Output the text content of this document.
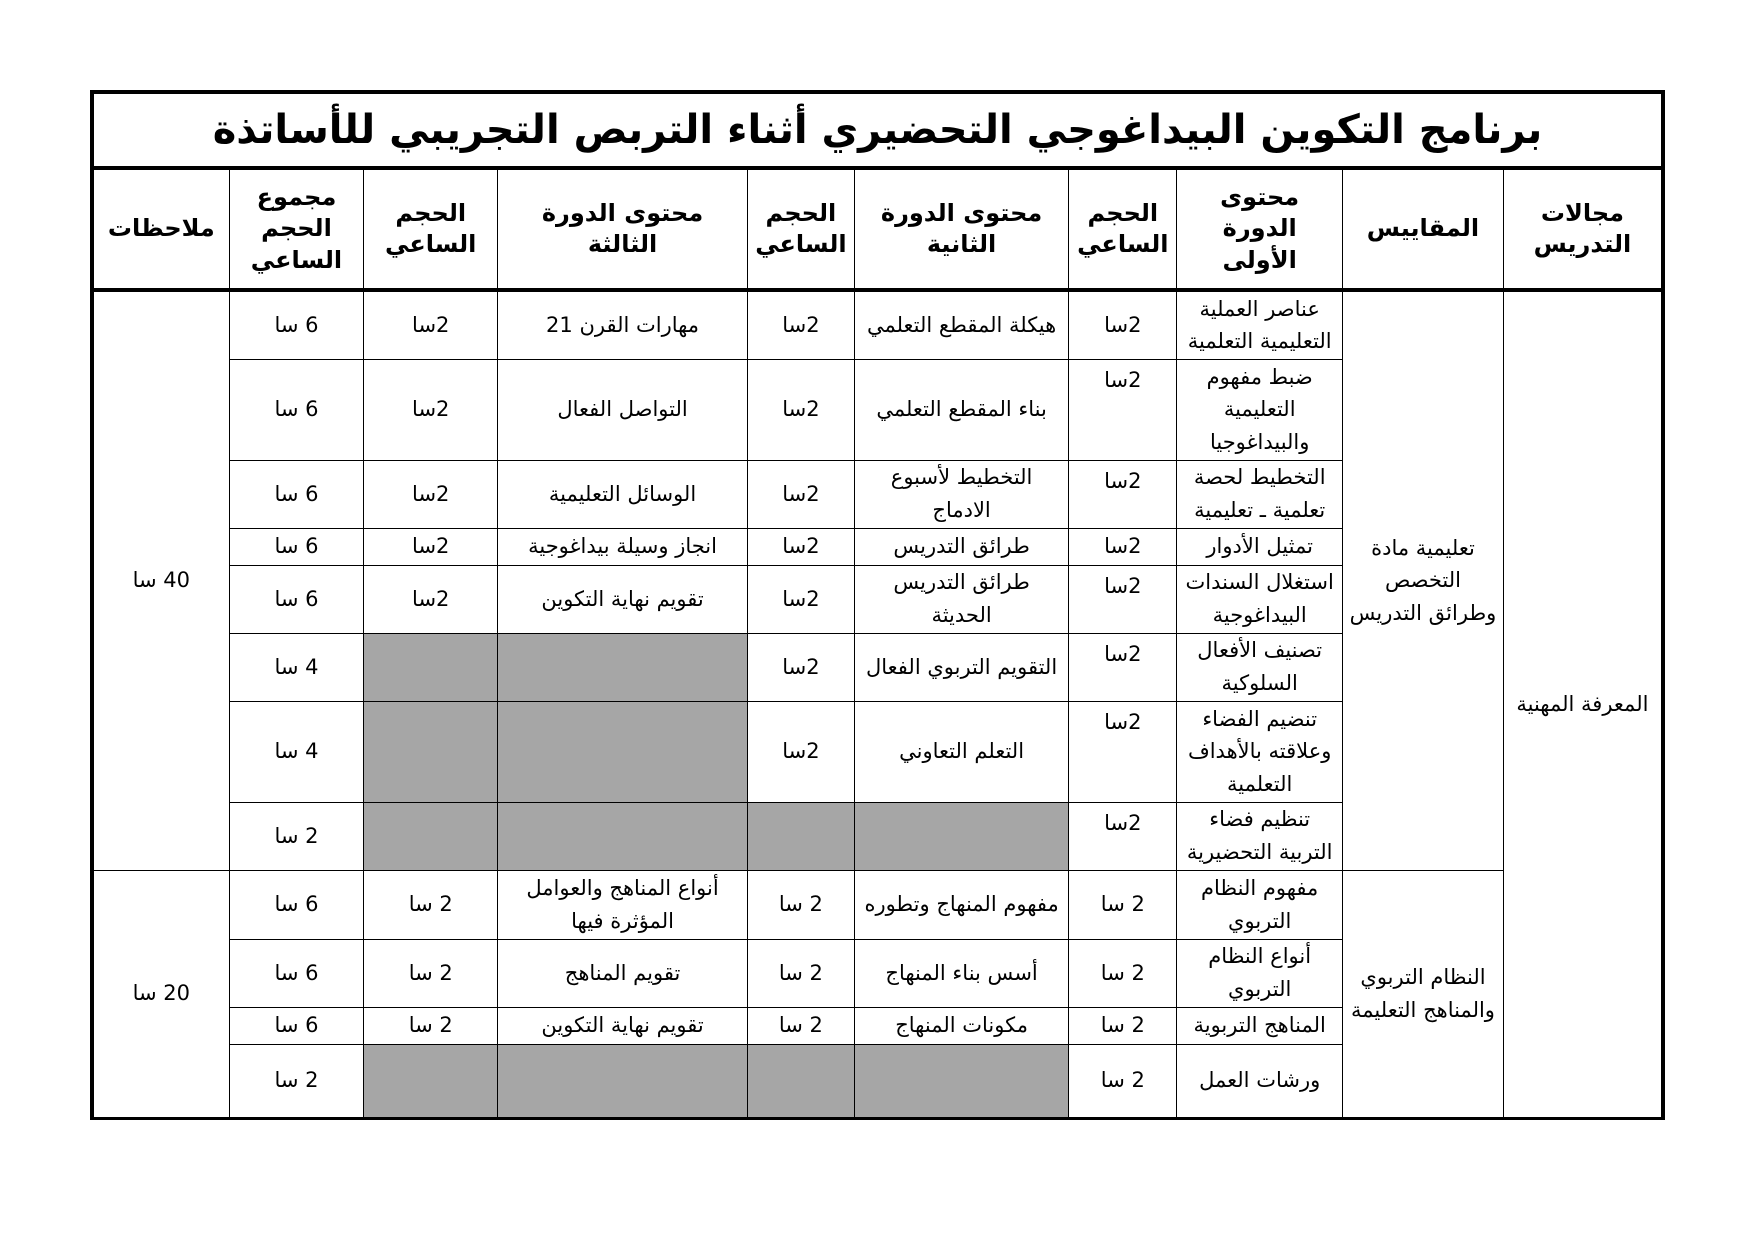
برنامج التكوين البيداغوجي التحضيري أثناء التربص التجريبي للأساتذة									
مجالات التدريس	المقاييس	محتوى الدورة الأولى	الحجم الساعي	محتوى الدورة الثانية	الحجم الساعي	محتوى الدورة الثالثة	الحجم الساعي	مجموع الحجم الساعي	ملاحظات
المعرفة المهنية	تعليمية مادة التخصص وطرائق التدريس	عناصر العملية التعليمية التعلمية	2سا	هيكلة المقطع التعلمي	2سا	مهارات القرن 21	2سا	6 سا	40 سا
		ضبط مفهوم التعليمية والبيداغوجيا	2سا	بناء المقطع التعلمي	2سا	التواصل الفعال	2سا	6 سا	
		التخطيط لحصة تعلمية ـ تعليمية	2سا	التخطيط لأسبوع الادماج	2سا	الوسائل التعليمية	2سا	6 سا	
		تمثيل الأدوار	2سا	طرائق التدريس	2سا	انجاز وسيلة بيداغوجية	2سا	6 سا	
		استغلال السندات البيداغوجية	2سا	طرائق التدريس الحديثة	2سا	تقويم نهاية التكوين	2سا	6 سا	
		تصنيف الأفعال السلوكية	2سا	التقويم التربوي الفعال	2سا			4 سا	
		تنضيم الفضاء وعلاقته بالأهداف التعلمية	2سا	التعلم التعاوني	2سا			4 سا	
		تنظيم فضاء التربية التحضيرية	2سا					2 سا	
	النظام التربوي والمناهج التعليمة	مفهوم النظام التربوي	2 سا	مفهوم المنهاج وتطوره	2 سا	أنواع المناهج والعوامل المؤثرة فيها	2 سا	6 سا	20 سا
		أنواع النظام التربوي	2 سا	أسس بناء المنهاج	2 سا	تقويم المناهج	2 سا	6 سا	
		المناهج التربوية	2 سا	مكونات المنهاج	2 سا	تقويم نهاية التكوين	2 سا	6 سا	
		ورشات العمل	2 سا					2 سا	
